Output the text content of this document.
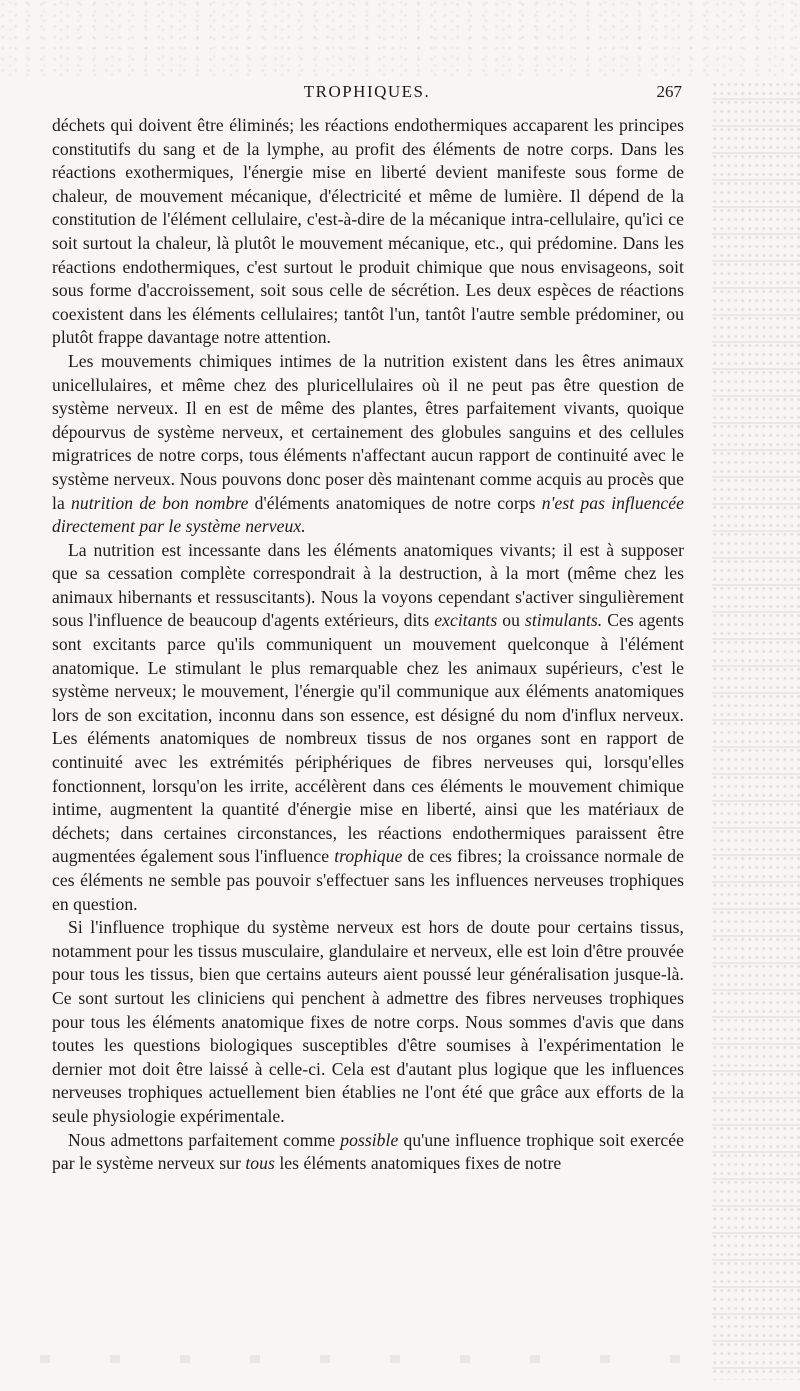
TROPHIQUES.	267

déchets qui doivent être éliminés; les réactions endothermiques accaparent les principes constitutifs du sang et de la lymphe, au profit des éléments de notre corps. Dans les réactions exothermiques, l'énergie mise en liberté devient manifeste sous forme de chaleur, de mouvement mécanique, d'électricité et même de lumière. Il dépend de la constitution de l'élément cellulaire, c'est-à-dire de la mécanique intra-cellulaire, qu'ici ce soit surtout la chaleur, là plutôt le mouvement mécanique, etc., qui prédomine. Dans les réactions endothermiques, c'est surtout le produit chimique que nous envisageons, soit sous forme d'accroissement, soit sous celle de sécrétion. Les deux espèces de réactions coexistent dans les éléments cellulaires; tantôt l'un, tantôt l'autre semble prédominer, ou plutôt frappe davantage notre attention.

Les mouvements chimiques intimes de la nutrition existent dans les êtres animaux unicellulaires, et même chez des pluricellulaires où il ne peut pas être question de système nerveux. Il en est de même des plantes, êtres parfaitement vivants, quoique dépourvus de système nerveux, et certainement des globules sanguins et des cellules migratrices de notre corps, tous éléments n'affectant aucun rapport de continuité avec le système nerveux. Nous pouvons donc poser dès maintenant comme acquis au procès que la nutrition de bon nombre d'éléments anatomiques de notre corps n'est pas influencée directement par le système nerveux.

La nutrition est incessante dans les éléments anatomiques vivants; il est à supposer que sa cessation complète correspondrait à la destruction, à la mort (même chez les animaux hibernants et ressuscitants). Nous la voyons cependant s'activer singulièrement sous l'influence de beaucoup d'agents extérieurs, dits excitants ou stimulants. Ces agents sont excitants parce qu'ils communiquent un mouvement quelconque à l'élément anatomique. Le stimulant le plus remarquable chez les animaux supérieurs, c'est le système nerveux; le mouvement, l'énergie qu'il communique aux éléments anatomiques lors de son excitation, inconnu dans son essence, est désigné du nom d'influx nerveux. Les éléments anatomiques de nombreux tissus de nos organes sont en rapport de continuité avec les extrémités périphériques de fibres nerveuses qui, lorsqu'elles fonctionnent, lorsqu'on les irrite, accélèrent dans ces éléments le mouvement chimique intime, augmentent la quantité d'énergie mise en liberté, ainsi que les matériaux de déchets; dans certaines circonstances, les réactions endothermiques paraissent être augmentées également sous l'influence trophique de ces fibres; la croissance normale de ces éléments ne semble pas pouvoir s'effectuer sans les influences nerveuses trophiques en question.

Si l'influence trophique du système nerveux est hors de doute pour certains tissus, notamment pour les tissus musculaire, glandulaire et nerveux, elle est loin d'être prouvée pour tous les tissus, bien que certains auteurs aient poussé leur généralisation jusque-là. Ce sont surtout les cliniciens qui penchent à admettre des fibres nerveuses trophiques pour tous les éléments anatomique fixes de notre corps. Nous sommes d'avis que dans toutes les questions biologiques susceptibles d'être soumises à l'expérimentation le dernier mot doit être laissé à celle-ci. Cela est d'autant plus logique que les influences nerveuses trophiques actuellement bien établies ne l'ont été que grâce aux efforts de la seule physiologie expérimentale.

Nous admettons parfaitement comme possible qu'une influence trophique soit exercée par le système nerveux sur tous les éléments anatomiques fixes de notre
